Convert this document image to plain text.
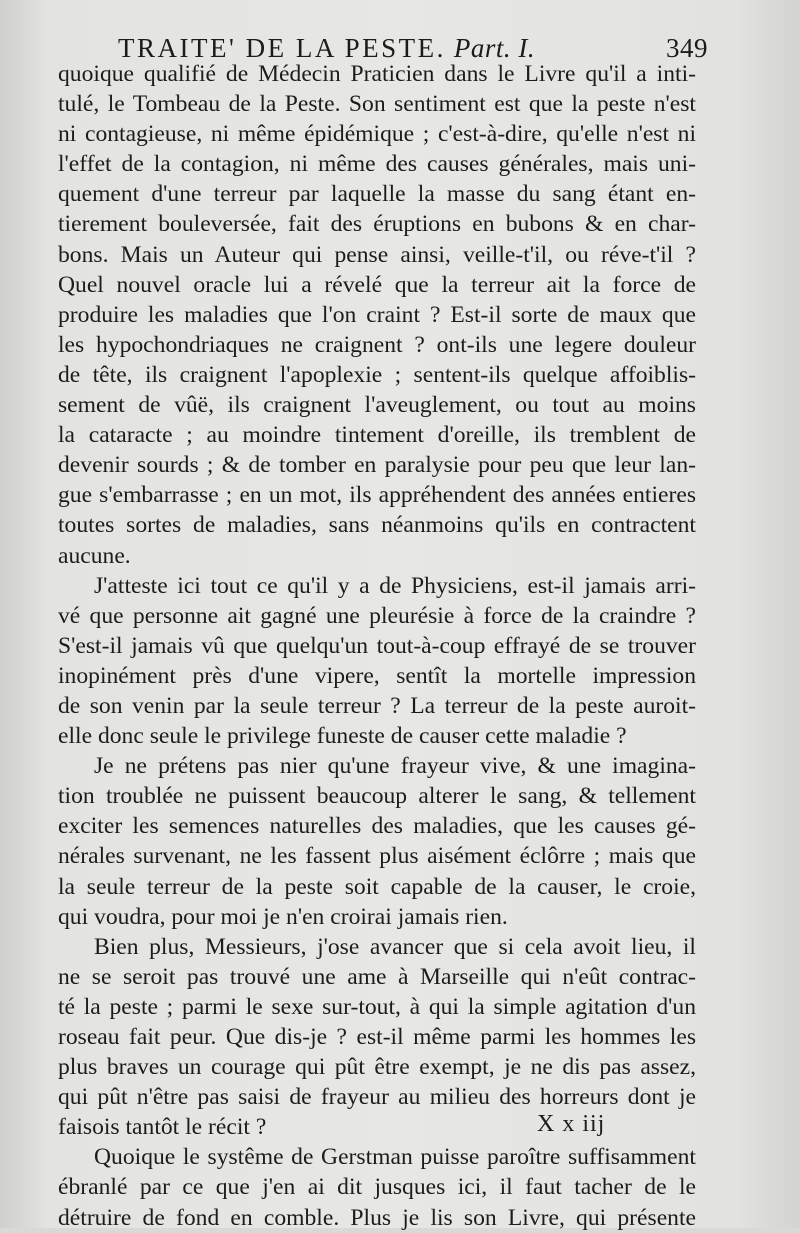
TRAITE' DE LA PESTE. Part. I.	349
quoique qualifié de Médecin Praticien dans le Livre qu'il a inti-
tulé, le Tombeau de la Peste. Son sentiment est que la peste n'est
ni contagieuse, ni même épidémique ; c'est-à-dire, qu'elle n'est ni
l'effet de la contagion, ni même des causes générales, mais uni-
quement d'une terreur par laquelle la masse du sang étant en-
tierement bouleversée, fait des éruptions en bubons & en char-
bons. Mais un Auteur qui pense ainsi, veille-t'il, ou réve-t'il ?
Quel nouvel oracle lui a révelé que la terreur ait la force de
produire les maladies que l'on craint ? Est-il sorte de maux que
les hypochondriaques ne craignent ? ont-ils une legere douleur
de tête, ils craignent l'apoplexie ; sentent-ils quelque affoiblis-
sement de vûë, ils craignent l'aveuglement, ou tout au moins
la cataracte ; au moindre tintement d'oreille, ils tremblent de
devenir sourds ; & de tomber en paralysie pour peu que leur lan-
gue s'embarrasse ; en un mot, ils appréhendent des années entieres
toutes sortes de maladies, sans néanmoins qu'ils en contractent
aucune.
J'atteste ici tout ce qu'il y a de Physiciens, est-il jamais arri-
vé que personne ait gagné une pleurésie à force de la craindre ?
S'est-il jamais vû que quelqu'un tout-à-coup effrayé de se trouver
inopinément près d'une vipere, sentît la mortelle impression
de son venin par la seule terreur ? La terreur de la peste auroit-
elle donc seule le privilege funeste de causer cette maladie ?
Je ne prétens pas nier qu'une frayeur vive, & une imagina-
tion troublée ne puissent beaucoup alterer le sang, & tellement
exciter les semences naturelles des maladies, que les causes gé-
nérales survenant, ne les fassent plus aisément éclôrre ; mais que
la seule terreur de la peste soit capable de la causer, le croie,
qui voudra, pour moi je n'en croirai jamais rien.
Bien plus, Messieurs, j'ose avancer que si cela avoit lieu, il
ne se seroit pas trouvé une ame à Marseille qui n'eût contrac-
té la peste ; parmi le sexe sur-tout, à qui la simple agitation d'un
roseau fait peur. Que dis-je ? est-il même parmi les hommes les
plus braves un courage qui pût être exempt, je ne dis pas assez,
qui pût n'être pas saisi de frayeur au milieu des horreurs dont je
faisois tantôt le récit ?
Quoique le systême de Gerstman puisse paroître suffisamment
ébranlé par ce que j'en ai dit jusques ici, il faut tacher de le
détruire de fond en comble. Plus je lis son Livre, qui présente
X x iij
